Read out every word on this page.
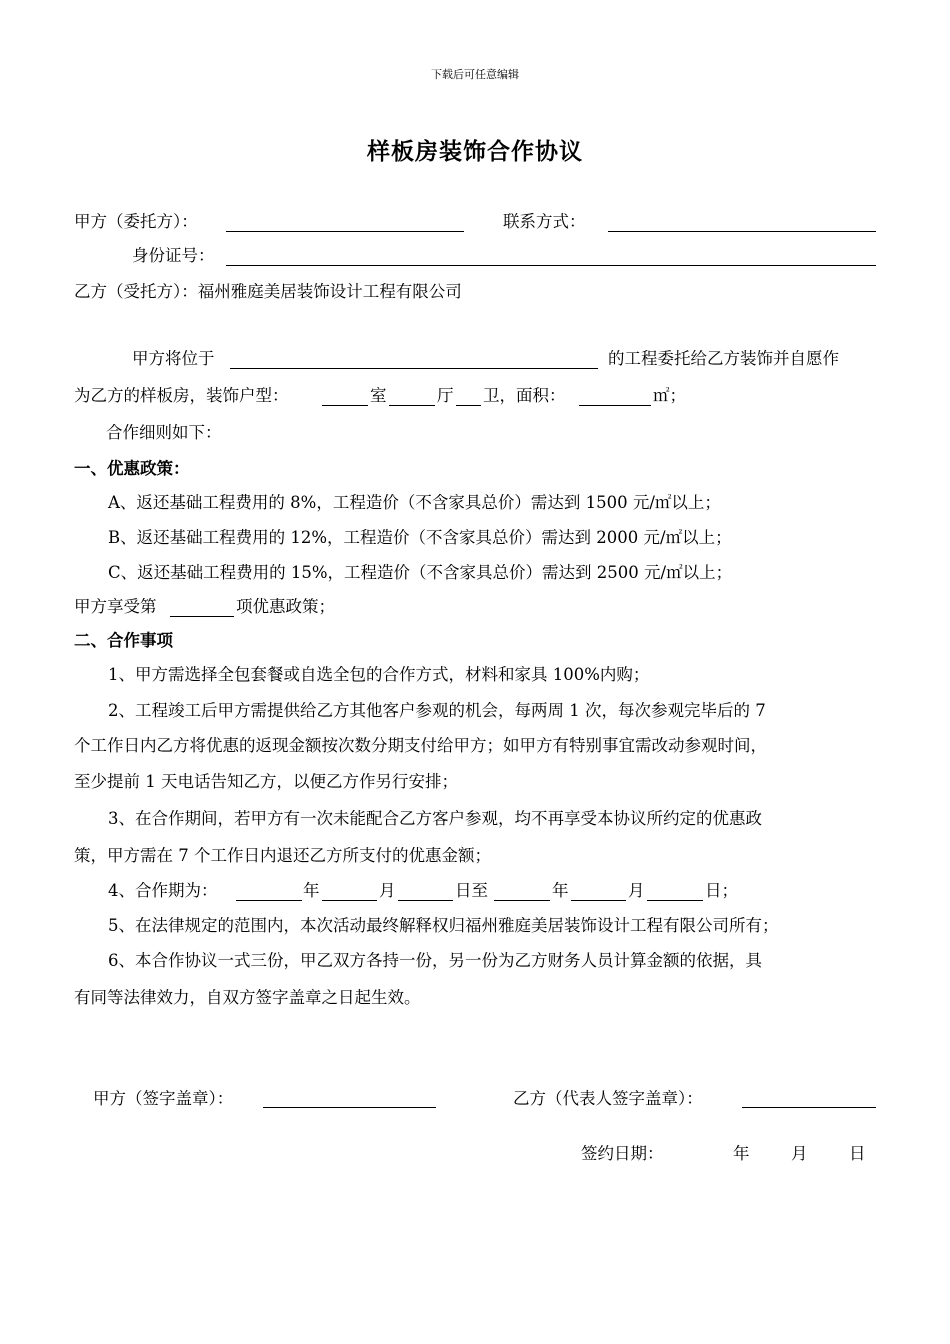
下载后可任意编辑
样板房装饰合作协议
甲方（委托方）：	联系方式：
身份证号：
乙方（受托方）：福州雅庭美居装饰设计工程有限公司
甲方将位于	的工程委托给乙方装饰并自愿作
为乙方的样板房，装饰户型：	室	厅 卫，面积：	㎡；
合作细则如下：
一、优惠政策：
A、返还基础工程费用的 8%，工程造价（不含家具总价）需达到 1500 元/㎡以上；
B、返还基础工程费用的 12%，工程造价（不含家具总价）需达到 2000 元/㎡以上；
C、返还基础工程费用的 15%，工程造价（不含家具总价）需达到 2500 元/㎡以上；
甲方享受第	项优惠政策；
二、合作事项
1、甲方需选择全包套餐或自选全包的合作方式，材料和家具 100%内购；
2、工程竣工后甲方需提供给乙方其他客户参观的机会，每两周 1 次，每次参观完毕后的 7
个工作日内乙方将优惠的返现金额按次数分期支付给甲方；如甲方有特别事宜需改动参观时间，
至少提前 1 天电话告知乙方，以便乙方作另行安排；
3、在合作期间，若甲方有一次未能配合乙方客户参观，均不再享受本协议所约定的优惠政
策，甲方需在 7 个工作日内退还乙方所支付的优惠金额；
4、合作期为：	年	月	日至	年	月	日；
5、在法律规定的范围内，本次活动最终解释权归福州雅庭美居装饰设计工程有限公司所有；
6、本合作协议一式三份，甲乙双方各持一份，另一份为乙方财务人员计算金额的依据，具
有同等法律效力，自双方签字盖章之日起生效。
甲方（签字盖章）：	乙方（代表人签字盖章）：
签约日期：	年	月	日
